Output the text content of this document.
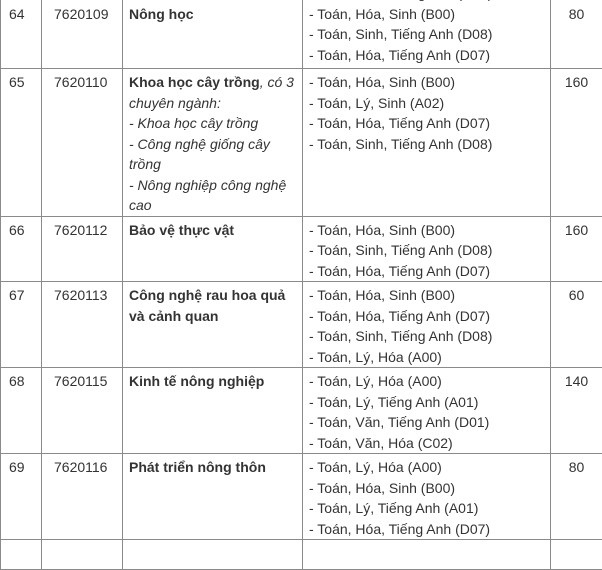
64	7620109	Nông học	- Toán, Hóa, Sinh (B00)
- Toán, Sinh, Tiếng Anh (D08)
- Toán, Hóa, Tiếng Anh (D07)	80
65	7620110	Khoa học cây trồng, có 3 chuyên ngành:
- Khoa học cây trồng
- Công nghệ giống cây trồng
- Nông nghiệp công nghệ cao	- Toán, Hóa, Sinh (B00)
- Toán, Lý, Sinh (A02)
- Toán, Hóa, Tiếng Anh (D07)
- Toán, Sinh, Tiếng Anh (D08)	160
66	7620112	Bảo vệ thực vật	- Toán, Hóa, Sinh (B00)
- Toán, Sinh, Tiếng Anh (D08)
- Toán, Hóa, Tiếng Anh (D07)	160
67	7620113	Công nghệ rau hoa quả và cảnh quan	- Toán, Hóa, Sinh (B00)
- Toán, Hóa, Tiếng Anh (D07)
- Toán, Sinh, Tiếng Anh (D08)
- Toán, Lý, Hóa (A00)	60
68	7620115	Kinh tế nông nghiệp	- Toán, Lý, Hóa (A00)
- Toán, Lý, Tiếng Anh (A01)
- Toán, Văn, Tiếng Anh (D01)
- Toán, Văn, Hóa (C02)	140
69	7620116	Phát triển nông thôn	- Toán, Lý, Hóa (A00)
- Toán, Hóa, Sinh (B00)
- Toán, Lý, Tiếng Anh (A01)
- Toán, Hóa, Tiếng Anh (D07)	80
